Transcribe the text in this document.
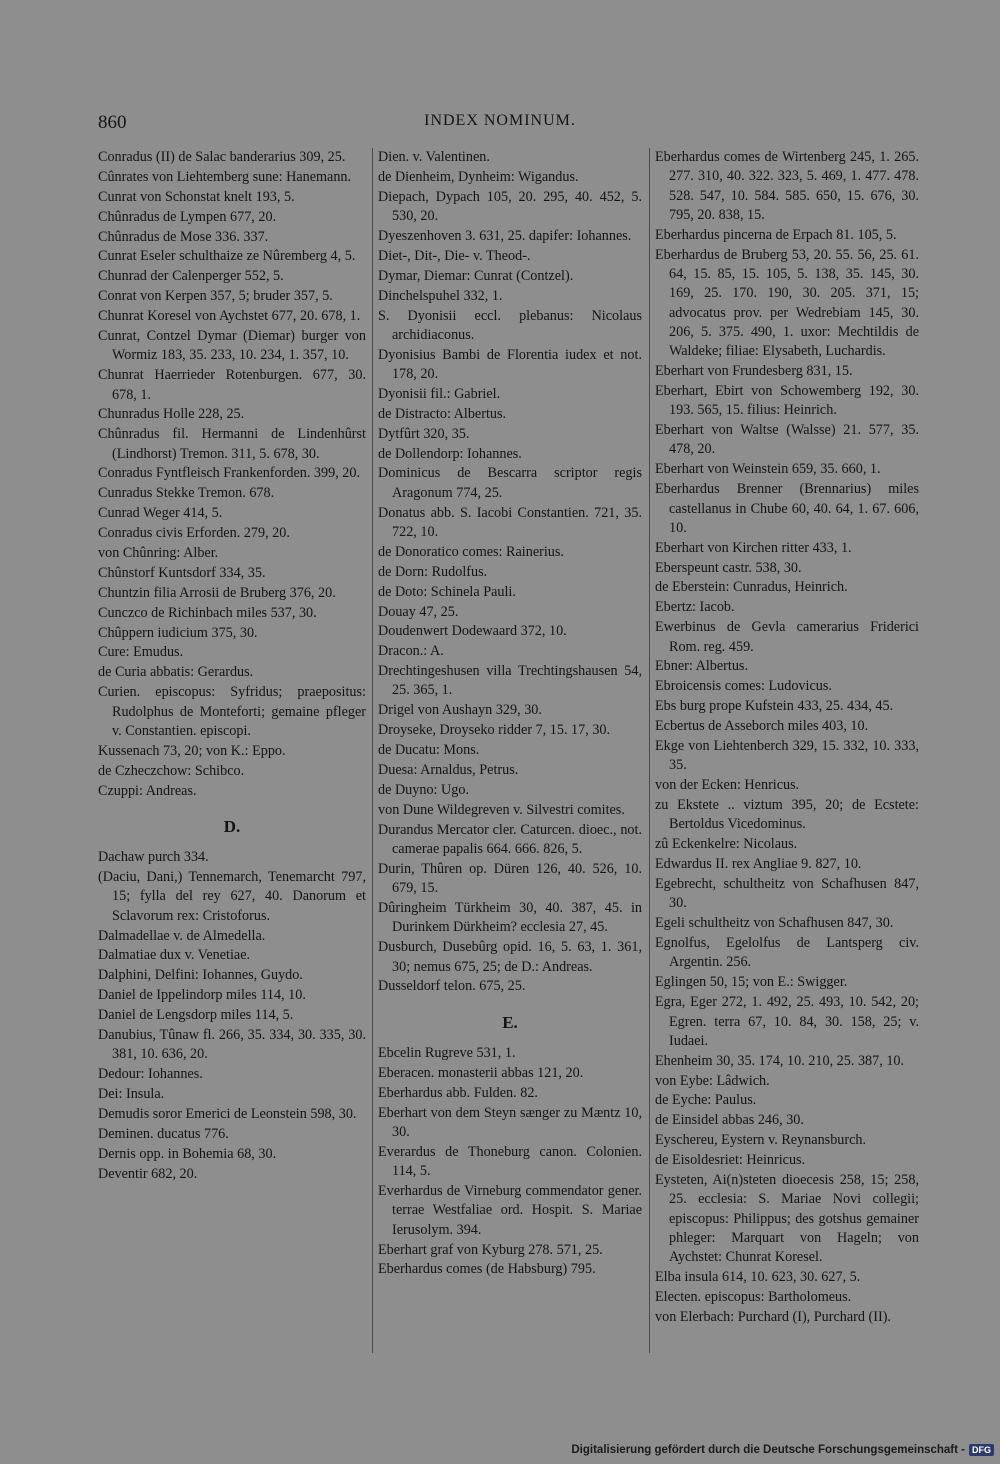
860	INDEX NOMINUM.
Conradus (II) de Salac banderarius 309, 25.
Cûnrates von Liehtemberg sune: Hanemann.
Cunrat von Schonstat knelt 193, 5.
Chûnradus de Lympen 677, 20.
Chûnradus de Mose 336. 337.
Cunrat Eseler schulthaize ze Nûremberg 4, 5.
Chunrad der Calenperger 552, 5.
Conrat von Kerpen 357, 5; bruder 357, 5.
Chunrat Koresel von Aychstet 677, 20. 678, 1.
Cunrat, Contzel Dymar (Diemar) burger von Wormiz 183, 35. 233, 10. 234, 1. 357, 10.
Chunrat Haerrieder Rotenburgen. 677, 30. 678, 1.
Chunradus Holle 228, 25.
Chûnradus fil. Hermanni de Lindenhûrst (Lindhorst) Tremon. 311, 5. 678, 30.
Conradus Fyntfleisch Frankenforden. 399, 20.
Cunradus Stekke Tremon. 678.
Cunrad Weger 414, 5.
Conradus civis Erforden. 279, 20.
von Chûnring: Alber.
Chûnstorf Kuntsdorf 334, 35.
Chuntzin filia Arrosii de Bruberg 376, 20.
Cunczco de Richinbach miles 537, 30.
Chûppern iudicium 375, 30.
Cure: Emudus.
de Curia abbatis: Gerardus.
Curien. episcopus: Syfridus; praepositus: Rudolphus de Monteforti; gemaine pfleger v. Constantien. episcopi.
Kussenach 73, 20; von K.: Eppo.
de Czheczchow: Schibco.
Czuppi: Andreas.
D.
Dachaw purch 334.
(Daciu, Dani,) Tennemarch, Tenemarcht 797, 15; fylla del rey 627, 40. Danorum et Sclavorum rex: Cristoforus.
Dalmadellae v. de Almedella.
Dalmatiae dux v. Venetiae.
Dalphini, Delfini: Iohannes, Guydo.
Daniel de Ippelindorp miles 114, 10.
Daniel de Lengsdorp miles 114, 5.
Danubius, Tûnaw fl. 266, 35. 334, 30. 335, 30. 381, 10. 636, 20.
Dedour: Iohannes.
Dei: Insula.
Demudis soror Emerici de Leonstein 598, 30.
Deminen. ducatus 776.
Dernis opp. in Bohemia 68, 30.
Deventir 682, 20.
Dien. v. Valentinen.
de Dienheim, Dynheim: Wigandus.
Diepach, Dypach 105, 20. 295, 40. 452, 5. 530, 20.
Dyeszenhoven 3. 631, 25. dapifer: Iohannes.
Diet-, Dit-, Die- v. Theod-.
Dymar, Diemar: Cunrat (Contzel).
Dinchelspuhel 332, 1.
S. Dyonisii eccl. plebanus: Nicolaus archidiaconus.
Dyonisius Bambi de Florentia iudex et not. 178, 20.
Dyonisii fil.: Gabriel.
de Distracto: Albertus.
Dytfûrt 320, 35.
de Dollendorp: Iohannes.
Dominicus de Bescarra scriptor regis Aragonum 774, 25.
Donatus abb. S. Iacobi Constantien. 721, 35. 722, 10.
de Donoratico comes: Rainerius.
de Dorn: Rudolfus.
de Doto: Schinela Pauli.
Douay 47, 25.
Doudenwert Dodewaard 372, 10.
Dracon.: A.
Drechtingeshusen villa Trechtingshausen 54, 25. 365, 1.
Drigel von Aushayn 329, 30.
Droyseke, Droyseko ridder 7, 15. 17, 30.
de Ducatu: Mons.
Duesa: Arnaldus, Petrus.
de Duyno: Ugo.
von Dune Wildegreven v. Silvestri comites.
Durandus Mercator cler. Caturcen. dioec., not. camerae papalis 664. 666. 826, 5.
Durin, Thûren op. Düren 126, 40. 526, 10. 679, 15.
Dûringheim Türkheim 30, 40. 387, 45. in Durinkem Dürkheim? ecclesia 27, 45.
Dusburch, Dusebûrg opid. 16, 5. 63, 1. 361, 30; nemus 675, 25; de D.: Andreas.
Dusseldorf telon. 675, 25.
E.
Ebcelin Rugreve 531, 1.
Eberacen. monasterii abbas 121, 20.
Eberhardus abb. Fulden. 82.
Eberhart von dem Steyn sænger zu Mæntz 10, 30.
Everardus de Thoneburg canon. Colonien. 114, 5.
Everhardus de Virneburg commendator gener. terrae Westfaliae ord. Hospit. S. Mariae Ierusolym. 394.
Eberhart graf von Kyburg 278. 571, 25.
Eberhardus comes (de Habsburg) 795.
Eberhardus comes de Wirtenberg 245, 1. 265. 277. 310, 40. 322. 323, 5. 469, 1. 477. 478. 528. 547, 10. 584. 585. 650, 15. 676, 30. 795, 20. 838, 15.
Eberhardus pincerna de Erpach 81. 105, 5.
Eberhardus de Bruberg 53, 20. 55. 56, 25. 61. 64, 15. 85, 15. 105, 5. 138, 35. 145, 30. 169, 25. 170. 190, 30. 205. 371, 15; advocatus prov. per Wedrebiam 145, 30. 206, 5. 375. 490, 1. uxor: Mechtildis de Waldeke; filiae: Elysabeth, Luchardis.
Eberhart von Frundesberg 831, 15.
Eberhart, Ebirt von Schowemberg 192, 30. 193. 565, 15. filius: Heinrich.
Eberhart von Waltse (Walsse) 21. 577, 35. 478, 20.
Eberhart von Weinstein 659, 35. 660, 1.
Eberhardus Brenner (Brennarius) miles castellanus in Chube 60, 40. 64, 1. 67. 606, 10.
Eberhart von Kirchen ritter 433, 1.
Eberspeunt castr. 538, 30.
de Eberstein: Cunradus, Heinrich.
Ebertz: Iacob.
Ewerbinus de Gevla camerarius Friderici Rom. reg. 459.
Ebner: Albertus.
Ebroicensis comes: Ludovicus.
Ebs burg prope Kufstein 433, 25. 434, 45.
Ecbertus de Asseborch miles 403, 10.
Ekge von Liehtenberch 329, 15. 332, 10. 333, 35.
von der Ecken: Henricus.
zu Ekstete .. viztum 395, 20; de Ecstete: Bertoldus Vicedominus.
zû Eckenkelre: Nicolaus.
Edwardus II. rex Angliae 9. 827, 10.
Egebrecht, schultheitz von Schafhusen 847, 30.
Egeli schultheitz von Schafhusen 847, 30.
Egnolfus, Egelolfus de Lantsperg civ. Argentin. 256.
Eglingen 50, 15; von E.: Swigger.
Egra, Eger 272, 1. 492, 25. 493, 10. 542, 20; Egren. terra 67, 10. 84, 30. 158, 25; v. Iudaei.
Ehenheim 30, 35. 174, 10. 210, 25. 387, 10.
von Eybe: Lâdwich.
de Eyche: Paulus.
de Einsidel abbas 246, 30.
Eyschereu, Eystern v. Reynansburch.
de Eisoldesriet: Heinricus.
Eysteten, Ai(n)steten dioecesis 258, 15; 258, 25. ecclesia: S. Mariae Novi collegii; episcopus: Philippus; des gotshus gemainer phleger: Marquart von Hageln; von Aychstet: Chunrat Koresel.
Elba insula 614, 10. 623, 30. 627, 5.
Electen. episcopus: Bartholomeus.
von Elerbach: Purchard (I), Purchard (II).
Digitalisierung gefördert durch die Deutsche Forschungsgemeinschaft - DFG
